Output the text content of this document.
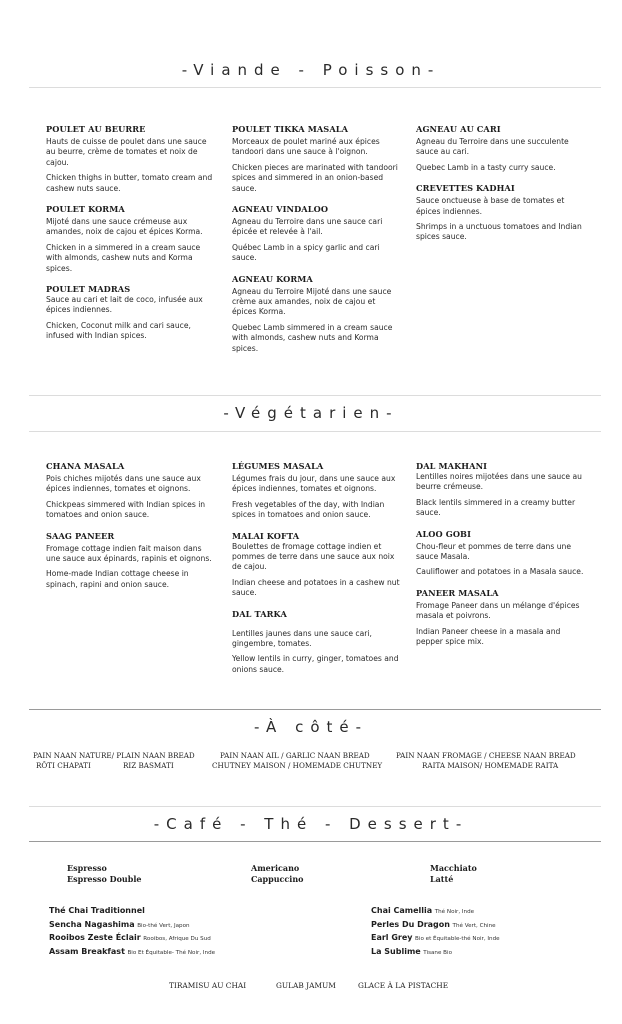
-Viande - Poisson-
POULET AU BEURRE

Hauts de cuisse de poulet dans une sauce au beurre, crème de tomates et noix de cajou.

Chicken thighs in butter, tomato cream and cashew nuts sauce.

POULET KORMA

Mijoté dans une sauce crémeuse aux amandes, noix de cajou et épices Korma.

Chicken in a simmered in a cream sauce with almonds, cashew nuts and Korma spices.

POULET MADRAS

Sauce au cari et lait de coco, infusée aux épices indiennes.

Chicken, Coconut milk and cari sauce, infused with Indian spices.

POULET TIKKA MASALA

Morceaux de poulet mariné aux épices tandoori dans une sauce à l'oignon.

Chicken pieces are marinated with tandoori spices and simmered in an onion-based sauce.

AGNEAU VINDALOO

Agneau du Terroire dans une sauce cari épicée et relevée à l'ail.

Québec Lamb in a spicy garlic and cari sauce.

AGNEAU KORMA

Agneau du Terroire Mijoté dans une sauce crème aux amandes, noix de cajou et épices Korma.

Quebec Lamb simmered in a cream sauce with almonds, cashew nuts and Korma spices.

AGNEAU AU CARI

Agneau du Terroire dans une succulente sauce au cari.

Quebec Lamb in a tasty curry sauce.

CREVETTES KADHAI

Sauce onctueuse à base de tomates et épices indiennes.

Shrimps in a unctuous tomatoes and Indian spices sauce.

-Végétarien-
CHANA MASALA

Pois chiches mijotés dans une sauce aux épices indiennes, tomates et oignons.

Chickpeas simmered with Indian spices in tomatoes and onion sauce.

SAAG PANEER

Fromage cottage indien fait maison dans une sauce aux épinards, rapinis et oignons.

Home-made Indian cottage cheese in spinach, rapini and onion sauce.

LÉGUMES MASALA

Légumes frais du jour, dans une sauce aux épices indiennes, tomates et oignons.

Fresh vegetables of the day, with Indian spices in tomatoes and onion sauce.

MALAI KOFTA

Boulettes de fromage cottage indien et pommes de terre dans une sauce aux noix de cajou.

Indian cheese and potatoes in a cashew nut sauce.

DAL TARKA

Lentilles jaunes dans une sauce cari, gingembre, tomates.

Yellow lentils in curry, ginger, tomatoes and onions sauce.

DAL MAKHANI

Lentilles noires mijotées dans une sauce au beurre crémeuse.

Black lentils simmered in a creamy butter sauce.

ALOO GOBI

Chou-fleur et pommes de terre dans une sauce Masala.

Cauliflower and potatoes in a Masala sauce.

PANEER MASALA

Fromage Paneer dans un mélange d'épices masala et poivrons.

Indian Paneer cheese in a masala and pepper spice mix.

-À côté-
PAIN NAAN NATURE/ PLAIN NAAN BREAD	PAIN NAAN AIL / GARLIC NAAN BREAD	PAIN NAAN FROMAGE / CHEESE NAAN BREAD
RÔTI CHAPATI	RIZ BASMATI	CHUTNEY MAISON / HOMEMADE CHUTNEY	RAITA MAISON/ HOMEMADE RAITA
-Café - Thé - Dessert-
Espresso
Espresso Double
Americano
Cappuccino
Macchiato
Latté
Thé Chai Traditionnel
Sencha Nagashima Bio-thé Vert, Japon
Rooibos Zeste Éclair Rooibos, Afrique Du Sud
Assam Breakfast Bio Et Équitable- Thé Noir, Inde
Chai Camellia Thé Noir, Inde
Perles Du Dragon Thé Vert, Chine
Earl Grey Bio et Équitable-thé Noir, Inde
La Sublime Tisane Bio
TIRAMISU AU CHAI	GULAB JAMUM	GLACE À LA PISTACHE
